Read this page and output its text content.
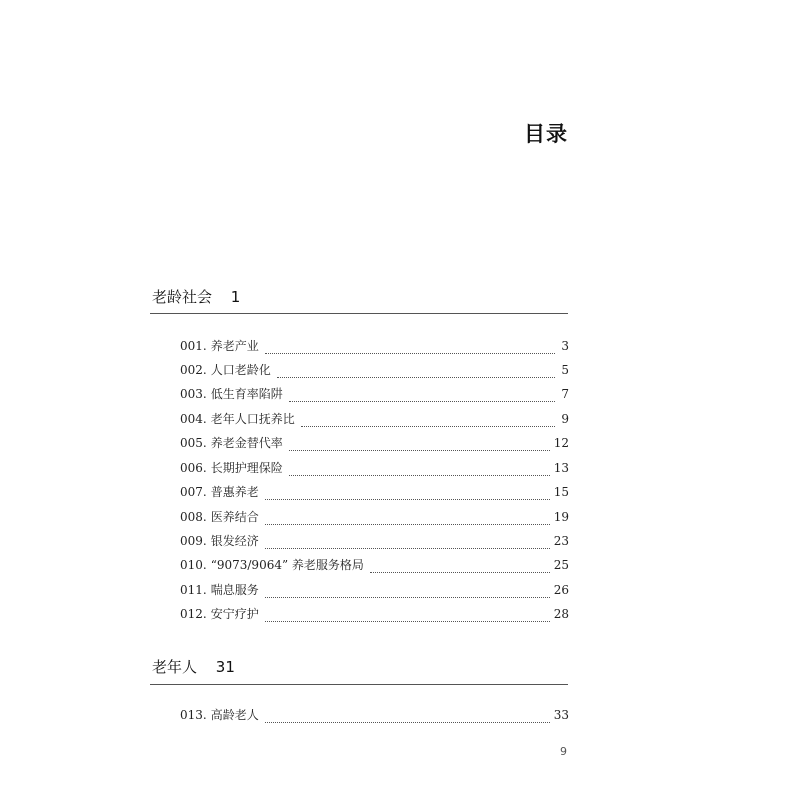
目录
老龄社会 1
001. 养老产业	3
002. 人口老龄化	5
003. 低生育率陷阱	7
004. 老年人口抚养比	9
005. 养老金替代率	12
006. 长期护理保险	13
007. 普惠养老	15
008. 医养结合	19
009. 银发经济	23
010. “9073/9064” 养老服务格局	25
011. 喘息服务	26
012. 安宁疗护	28
老年人 31
013. 高龄老人	33
9
